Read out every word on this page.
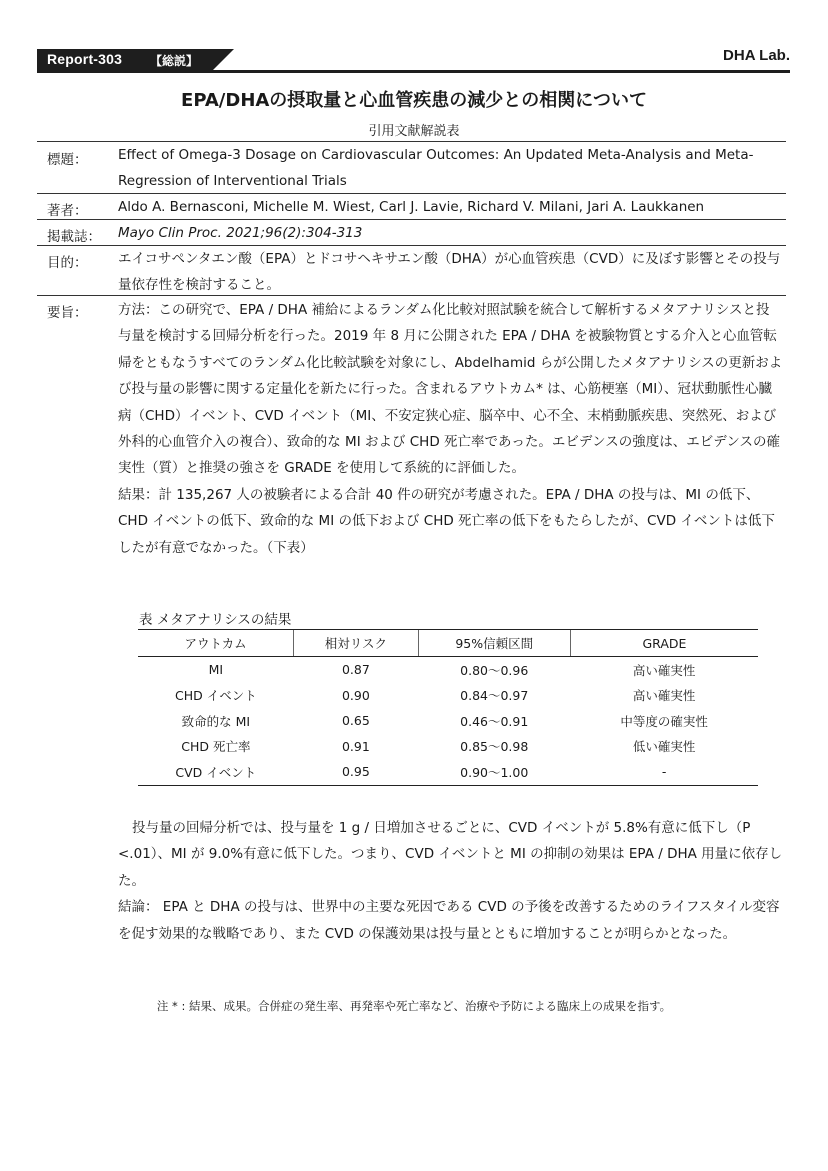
Report-303 【総説】	DHA Lab.
EPA/DHAの摂取量と心血管疾患の減少との相関について
引用文献解説表
標題： Effect of Omega-3 Dosage on Cardiovascular Outcomes: An Updated Meta-Analysis and Meta-Regression of Interventional Trials
著者： Aldo A. Bernasconi, Michelle M. Wiest, Carl J. Lavie, Richard V. Milani, Jari A. Laukkanen
掲載誌： Mayo Clin Proc. 2021;96(2):304-313
目的： エイコサペンタエン酸（EPA）とドコサヘキサエン酸（DHA）が心血管疾患（CVD）に及ぼす影響とその投与量依存性を検討すること。
要旨： 方法：この研究で、EPA / DHA 補給によるランダム化比較対照試験を統合して解析するメタアナリシスと投与量を検討する回帰分析を行った。2019 年 8 月に公開された EPA / DHA を被験物質とする介入と心血管転帰をともなうすべてのランダム化比較試験を対象にし、Abdelhamid らが公開したメタアナリシスの更新および投与量の影響に関する定量化を新たに行った。含まれるアウトカム* は、心筋梗塞（MI）、冠状動脈性心臓病（CHD）イベント、CVD イベント（MI、不安定狭心症、脳卒中、心不全、末梢動脈疾患、突然死、および外科的心血管介入の複合）、致命的な MI および CHD 死亡率であった。エビデンスの強度は、エビデンスの確実性（質）と推奨の強さを GRADE を使用して系統的に評価した。

結果：計 135,267 人の被験者による合計 40 件の研究が考慮された。EPA / DHA の投与は、MI の低下、CHD イベントの低下、致命的な MI の低下および CHD 死亡率の低下をもたらしたが、CVD イベントは低下したが有意でなかった。（下表）

表 メタアナリシスの結果
アウトカム	相対リスク	95%信頼区間	GRADE
MI	0.87	0.80〜0.96	高い確実性
CHD イベント	0.90	0.84〜0.97	高い確実性
致命的な MI	0.65	0.46〜0.91	中等度の確実性
CHD 死亡率	0.91	0.85〜0.98	低い確実性
CVD イベント	0.95	0.90〜1.00	-

投与量の回帰分析では、投与量を 1 g / 日増加させるごとに、CVD イベントが 5.8%有意に低下し（P <.01）、MI が 9.0%有意に低下した。つまり、CVD イベントと MI の抑制の効果は EPA / DHA 用量に依存した。

結論： EPA と DHA の投与は、世界中の主要な死因である CVD の予後を改善するためのライフスタイル変容を促す効果的な戦略であり、また CVD の保護効果は投与量とともに増加することが明らかとなった。

注 * : 結果、成果。合併症の発生率、再発率や死亡率など、治療や予防による臨床上の成果を指す。
